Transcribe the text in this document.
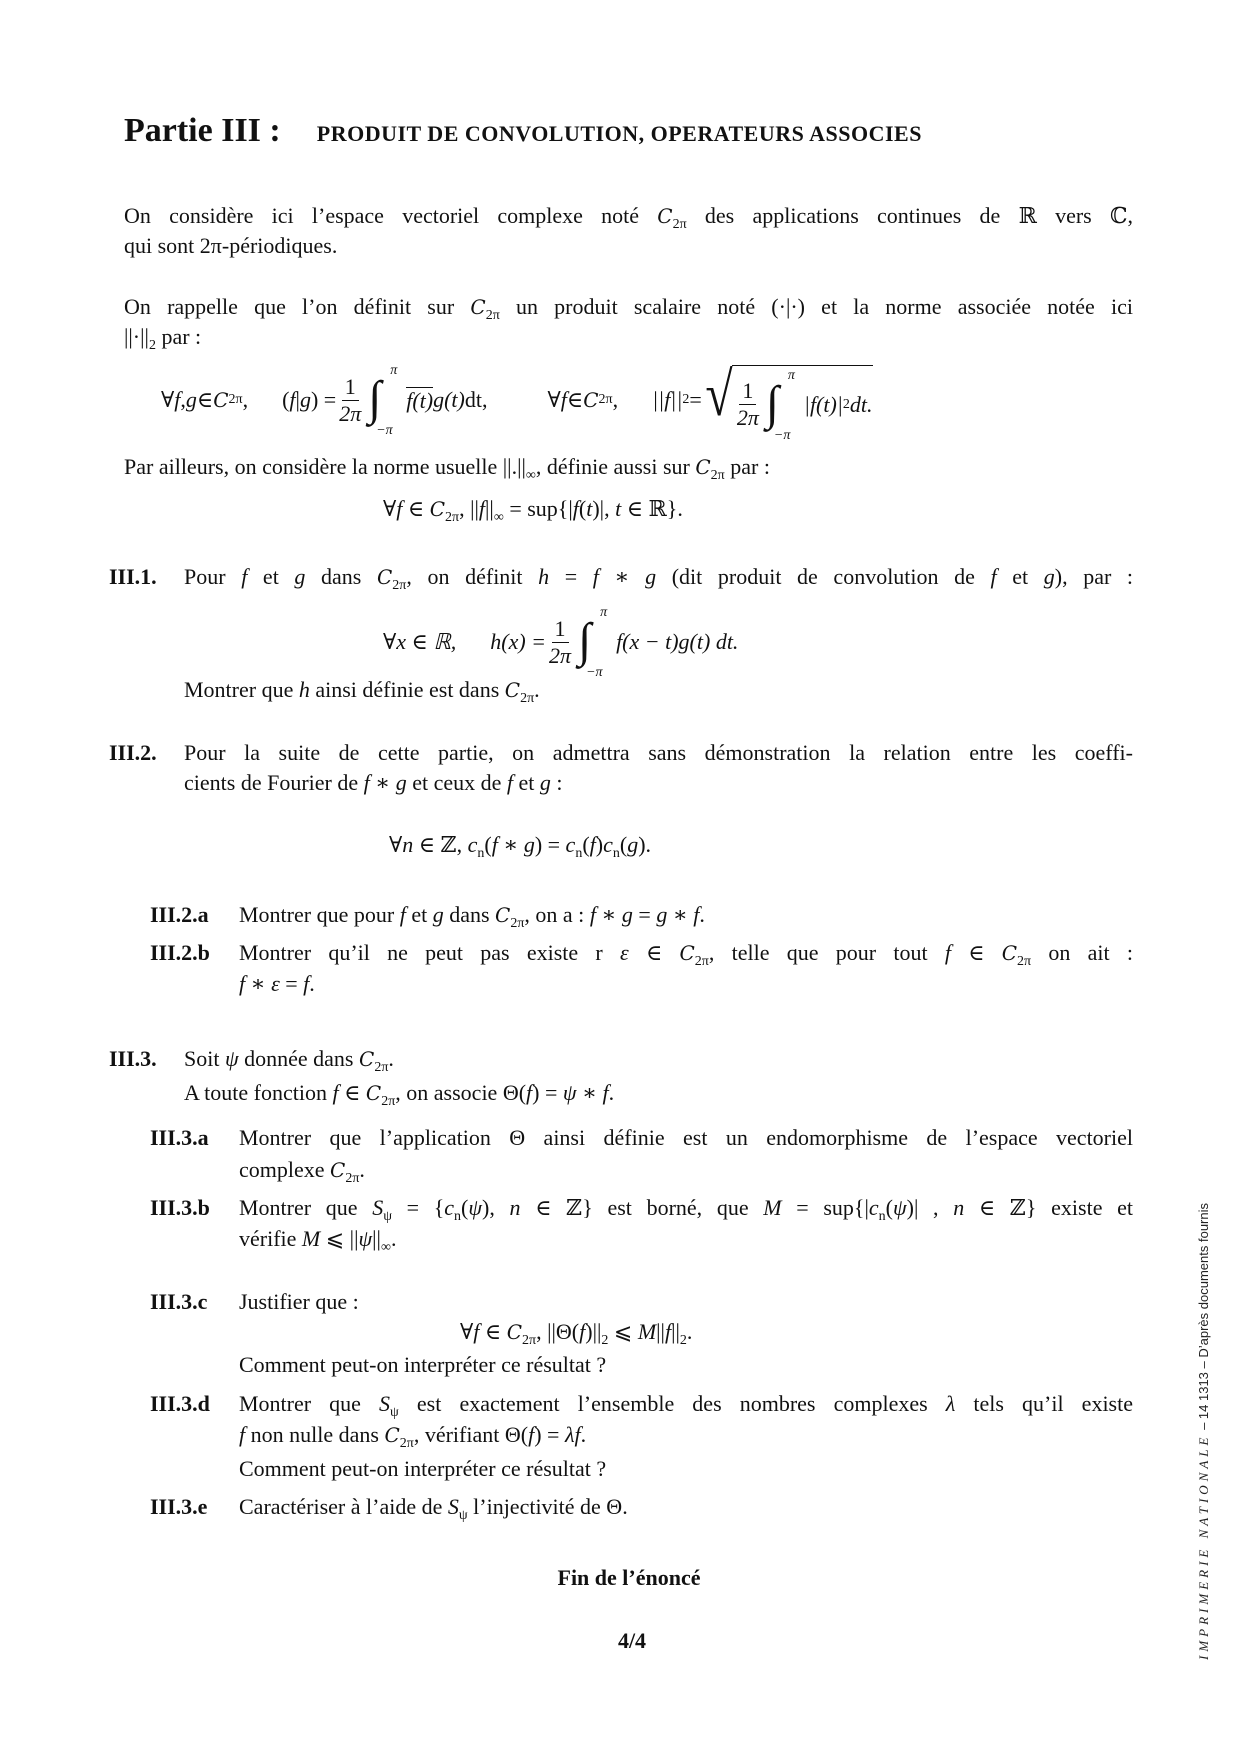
Partie III : PRODUIT DE CONVOLUTION, OPERATEURS ASSOCIES
On considère ici l’espace vectoriel complexe noté $C_{2\pi}$ des applications continues de ℝ vers ℂ,
qui sont 2π-périodiques.
On rappelle que l’on définit sur $C_{2\pi}$ un produit scalaire noté (·|·) et la norme associée notée ici
$||\cdot||_2$ par :
Par ailleurs, on considère la norme usuelle $||.||_\infty$, définie aussi sur $C_{2\pi}$ par :
∀f ∈ $C_{2\pi}$, $||f||_\infty = sup\{|f(t)|$, t ∈ ℝ}.
Pour f et g dans $C_{2\pi}$, on définit h = f ∗ g (dit produit de convolution de f et g), par :
Montrer que h ainsi définie est dans $C_{2\pi}$.
Pour la suite de cette partie, on admettra sans démonstration la relation entre les coeffi-
cients de Fourier de f ∗ g et ceux de f et g :
∀n ∈ ℤ, $c_n(f$ ∗ $g) = c_n(f)c_n(g)$.
Montrer que pour f et g dans $C_{2\pi}$, on a : f ∗ g = g ∗ f.
Montrer qu’il ne peut pas existe r ε ∈ $C_{2\pi}$, telle que pour tout f ∈ $C_{2\pi}$ on ait :
f ∗ ε = f.
Soit ψ donnée dans $C_{2\pi}$.
A toute fonction f ∈ $C_{2\pi}$, on associe Θ(f) = ψ ∗ f.
Montrer que l’application Θ ainsi définie est un endomorphisme de l’espace vectoriel
complexe $C_{2\pi}$.
Montrer que $S_\psi = \{c_n(\psi)$, n ∈ ℤ} est borné, que $M = sup\{|c_n(\psi)|$ , n ∈ ℤ} existe et
vérifie M ⩽ $||\psi||_\infty$.
Justifier que :
∀f ∈ $C_{2\pi}$, $||\Theta(f)||_2$ ⩽ $M||f||_2$.
Comment peut-on interpréter ce résultat ?
Montrer que $S_\psi$ est exactement l’ensemble des nombres complexes λ tels qu’il existe
f non nulle dans $C_{2\pi}$, vérifiant Θ(f) = λf.
Comment peut-on interpréter ce résultat ?
Caractériser à l’aide de $S_\psi$ l’injectivité de Θ.
∀ f , g ∈ C 2π , ( f | g ) = $\frac{1}{2\pi}$
π
∫
−π
f(t) g(t) dt,	∀ f ∈ C 2π , ||f|| 2 = √ $\frac{1}{2\pi}$
π
∫
−π
|f(t)| 2 dt.
∀x ∈ ℝ, $h(x) = \frac{1}{2\pi}$
π
∫
−π
f(x − t)g(t) dt.
III.1.
III.2.
III.2.a
III.2.b
III.3.
III.3.a
III.3.b
III.3.c
III.3.d
III.3.e
Fin de l’énoncé
4/4	IMPRIMERIE NATIONALE – 14 1313 – D’après documents fournis
